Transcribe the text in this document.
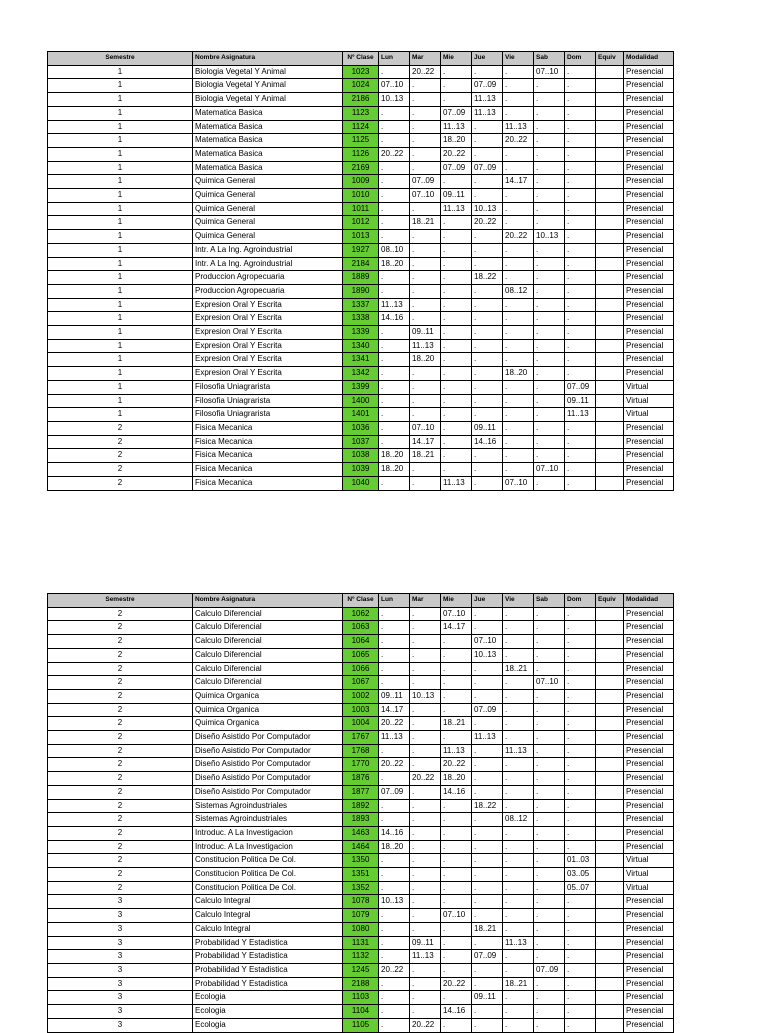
Semestre	Nombre Asignatura	Nº Clase	Lun	Mar	Mie	Jue	Vie	Sab	Dom	Equiv	Modalidad
1	Biologia Vegetal Y Animal	1023	.	20..22	.	.	.	07..10	.		Presencial
1	Biologia Vegetal Y Animal	1024	07..10	.	.	07..09	.	.	.		Presencial
1	Biologia Vegetal Y Animal	2186	10..13	.	.	11..13	.	.	.		Presencial
1	Matematica Basica	1123	.	.	07..09	11..13	.	.	.		Presencial
1	Matematica Basica	1124	.	.	11..13	.	11..13	.	.		Presencial
1	Matematica Basica	1125	.	.	18..20	.	20..22	.	.		Presencial
1	Matematica Basica	1126	20..22	.	20..22	.	.	.	.		Presencial
1	Matematica Basica	2169	.	.	07..09	07..09	.	.	.		Presencial
1	Quimica General	1009	.	07..09	.	.	14..17	.	.		Presencial
1	Quimica General	1010	.	07..10	09..11	.	.	.	.		Presencial
1	Quimica General	1011	.	.	11..13	10..13	.	.	.		Presencial
1	Quimica General	1012	.	18..21	.	20..22	.	.	.		Presencial
1	Quimica General	1013	.	.	.	.	20..22	10..13	.		Presencial
1	Intr. A La Ing. Agroindustrial	1927	08..10	.	.	.	.	.	.		Presencial
1	Intr. A La Ing. Agroindustrial	2184	18..20	.	.	.	.	.	.		Presencial
1	Produccion Agropecuaria	1889	.	.	.	18..22	.	.	.		Presencial
1	Produccion Agropecuaria	1890	.	.	.	.	08..12	.	.		Presencial
1	Expresion Oral Y Escrita	1337	11..13	.	.	.	.	.	.		Presencial
1	Expresion Oral Y Escrita	1338	14..16	.	.	.	.	.	.		Presencial
1	Expresion Oral Y Escrita	1339	.	09..11	.	.	.	.	.		Presencial
1	Expresion Oral Y Escrita	1340	.	11..13	.	.	.	.	.		Presencial
1	Expresion Oral Y Escrita	1341	.	18..20	.	.	.	.	.		Presencial
1	Expresion Oral Y Escrita	1342	.	.	.	.	18..20	.	.		Presencial
1	Filosofia Uniagrarista	1399	.	.	.	.	.	.	07..09		Virtual
1	Filosofia Uniagrarista	1400	.	.	.	.	.	.	09..11		Virtual
1	Filosofia Uniagrarista	1401	.	.	.	.	.	.	11..13		Virtual
2	Fisica Mecanica	1036	.	07..10	.	09..11	.	.	.		Presencial
2	Fisica Mecanica	1037	.	14..17	.	14..16	.	.	.		Presencial
2	Fisica Mecanica	1038	18..20	18..21	.	.	.	.	.		Presencial
2	Fisica Mecanica	1039	18..20	.	.	.	.	07..10	.		Presencial
2	Fisica Mecanica	1040	.	.	11..13	.	07..10	.	.		Presencial
Semestre	Nombre Asignatura	Nº Clase	Lun	Mar	Mie	Jue	Vie	Sab	Dom	Equiv	Modalidad
2	Calculo Diferencial	1062	.	.	07..10	.	.	.	.		Presencial
2	Calculo Diferencial	1063	.	.	14..17	.	.	.	.		Presencial
2	Calculo Diferencial	1064	.	.	.	07..10	.	.	.		Presencial
2	Calculo Diferencial	1065	.	.	.	10..13	.	.	.		Presencial
2	Calculo Diferencial	1066	.	.	.	.	18..21	.	.		Presencial
2	Calculo Diferencial	1067	.	.	.	.	.	07..10	.		Presencial
2	Quimica Organica	1002	09..11	10..13	.	.	.	.	.		Presencial
2	Quimica Organica	1003	14..17	.	.	07..09	.	.	.		Presencial
2	Quimica Organica	1004	20..22	.	18..21	.	.	.	.		Presencial
2	Diseño Asistido Por Computador	1767	11..13	.	.	11..13	.	.	.		Presencial
2	Diseño Asistido Por Computador	1768	.	.	11..13	.	11..13	.	.		Presencial
2	Diseño Asistido Por Computador	1770	20..22	.	20..22	.	.	.	.		Presencial
2	Diseño Asistido Por Computador	1876	.	20..22	18..20	.	.	.	.		Presencial
2	Diseño Asistido Por Computador	1877	07..09	.	14..16	.	.	.	.		Presencial
2	Sistemas Agroindustriales	1892	.	.	.	18..22	.	.	.		Presencial
2	Sistemas Agroindustriales	1893	.	.	.	.	08..12	.	.		Presencial
2	Introduc. A La Investigacion	1463	14..16	.	.	.	.	.	.		Presencial
2	Introduc. A La Investigacion	1464	18..20	.	.	.	.	.	.		Presencial
2	Constitucion Politica De Col.	1350	.	.	.	.	.	.	01..03		Virtual
2	Constitucion Politica De Col.	1351	.	.	.	.	.	.	03..05		Virtual
2	Constitucion Politica De Col.	1352	.	.	.	.	.	.	05..07		Virtual
3	Calculo Integral	1078	10..13	.	.	.	.	.	.		Presencial
3	Calculo Integral	1079	.	.	07..10	.	.	.	.		Presencial
3	Calculo Integral	1080	.	.	.	18..21	.	.	.		Presencial
3	Probabilidad Y Estadistica	1131	.	09..11	.	.	11..13	.	.		Presencial
3	Probabilidad Y Estadistica	1132	.	11..13	.	07..09	.	.	.		Presencial
3	Probabilidad Y Estadistica	1245	20..22	.	.	.	.	07..09	.		Presencial
3	Probabilidad Y Estadistica	2188	.	.	20..22	.	18..21	.	.		Presencial
3	Ecologia	1103	.	.	.	09..11	.	.	.		Presencial
3	Ecologia	1104	.	.	14..16	.	.	.	.		Presencial
3	Ecologia	1105	.	20..22	.	.	.	.	.		Presencial
